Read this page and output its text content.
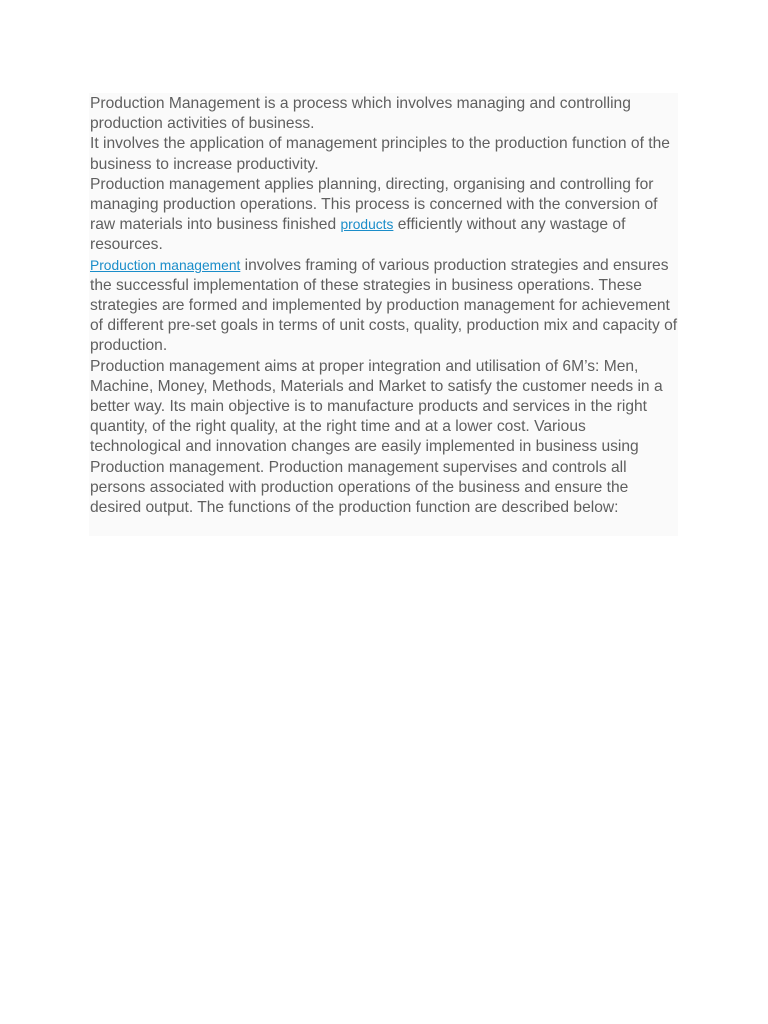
Production Management is a process which involves managing and controlling production activities of business.

It involves the application of management principles to the production function of the business to increase productivity.

Production management applies planning, directing, organising and controlling for managing production operations. This process is concerned with the conversion of raw materials into business finished products efficiently without any wastage of resources.

Production management involves framing of various production strategies and ensures the successful implementation of these strategies in business operations. These strategies are formed and implemented by production management for achievement of different pre-set goals in terms of unit costs, quality, production mix and capacity of production.

Production management aims at proper integration and utilisation of 6M’s: Men, Machine, Money, Methods, Materials and Market to satisfy the customer needs in a better way. Its main objective is to manufacture products and services in the right quantity, of the right quality, at the right time and at a lower cost. Various technological and innovation changes are easily implemented in business using Production management. Production management supervises and controls all persons associated with production operations of the business and ensure the desired output. The functions of the production function are described below:
